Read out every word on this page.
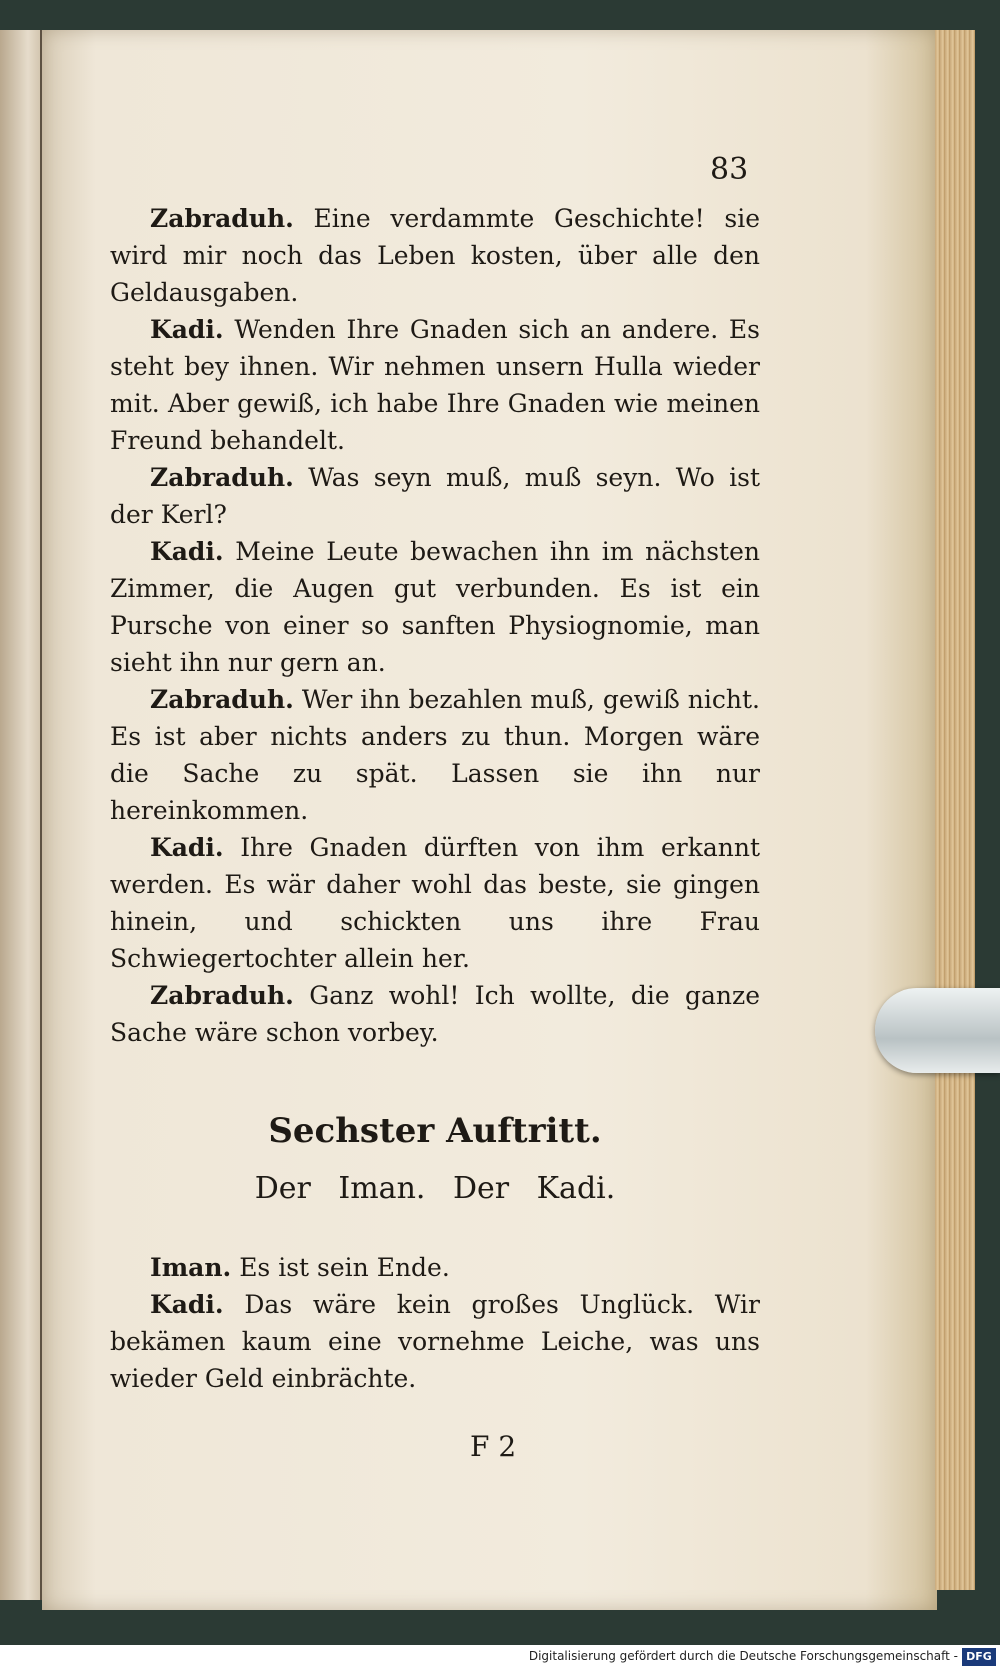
83

Zabraduh. Eine verdammte Geschichte! sie wird mir noch das Leben kosten, über alle den Geldausgaben.

Kadi. Wenden Ihre Gnaden sich an andere. Es steht bey ihnen. Wir nehmen unsern Hulla wieder mit. Aber gewiß, ich habe Ihre Gnaden wie meinen Freund behandelt.

Zabraduh. Was seyn muß, muß seyn. Wo ist der Kerl?

Kadi. Meine Leute bewachen ihn im nächsten Zimmer, die Augen gut verbunden. Es ist ein Pursche von einer so sanften Physiognomie, man sieht ihn nur gern an.

Zabraduh. Wer ihn bezahlen muß, gewiß nicht. Es ist aber nichts anders zu thun. Morgen wäre die Sache zu spät. Lassen sie ihn nur hereinkommen.

Kadi. Ihre Gnaden dürften von ihm erkannt werden. Es wär daher wohl das beste, sie gingen hinein, und schickten uns ihre Frau Schwiegertochter allein her.

Zabraduh. Ganz wohl! Ich wollte, die ganze Sache wäre schon vorbey.

Sechster Auftritt.
Der Iman. Der Kadi.

Iman. Es ist sein Ende.

Kadi. Das wäre kein großes Unglück. Wir bekämen kaum eine vornehme Leiche, was uns wieder Geld einbrächte.

F 2
Digitalisierung gefördert durch die Deutsche Forschungsgemeinschaft - DFG
